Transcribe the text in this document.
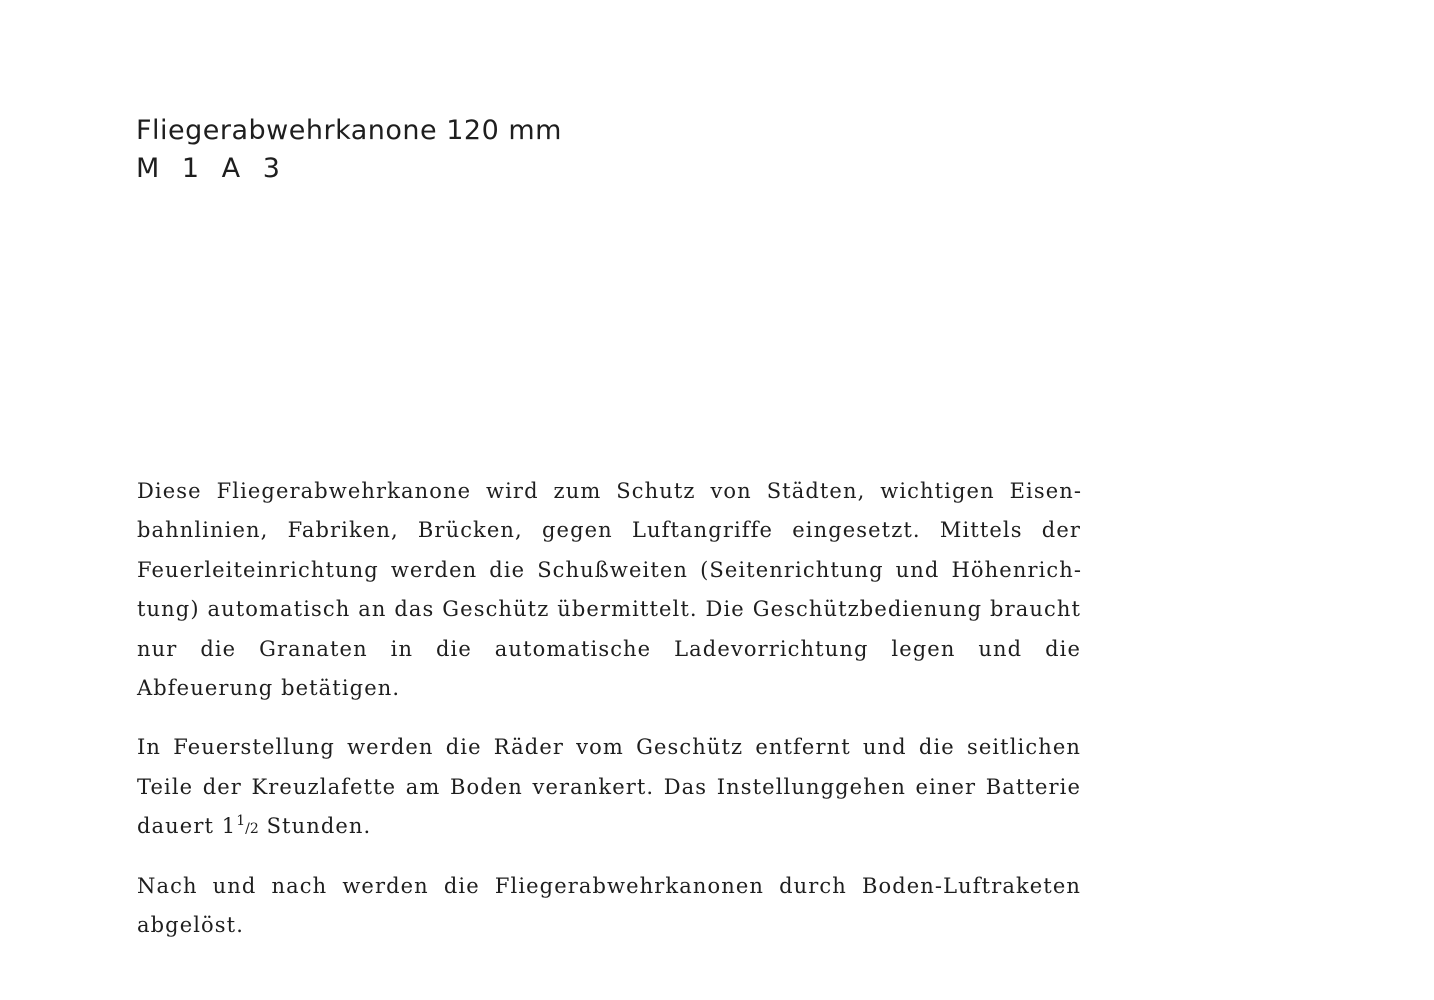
Fliegerabwehrkanone 120 mm
M 1 A 3

Diese Fliegerabwehrkanone wird zum Schutz von Städten, wichtigen Eisenbahnlinien, Fabriken, Brücken, gegen Luftangriffe eingesetzt. Mittels der Feuerleiteinrichtung werden die Schußweiten (Seitenrichtung und Höhenrichtung) automatisch an das Geschütz übermittelt. Die Geschützbedienung braucht nur die Granaten in die automatische Ladevorrichtung legen und die Abfeuerung betätigen.

In Feuerstellung werden die Räder vom Geschütz entfernt und die seitlichen Teile der Kreuzlafette am Boden verankert. Das Instellunggehen einer Batterie dauert $1^1/2$ Stunden.

Nach und nach werden die Fliegerabwehrkanonen durch Boden-Luftraketen abgelöst.
